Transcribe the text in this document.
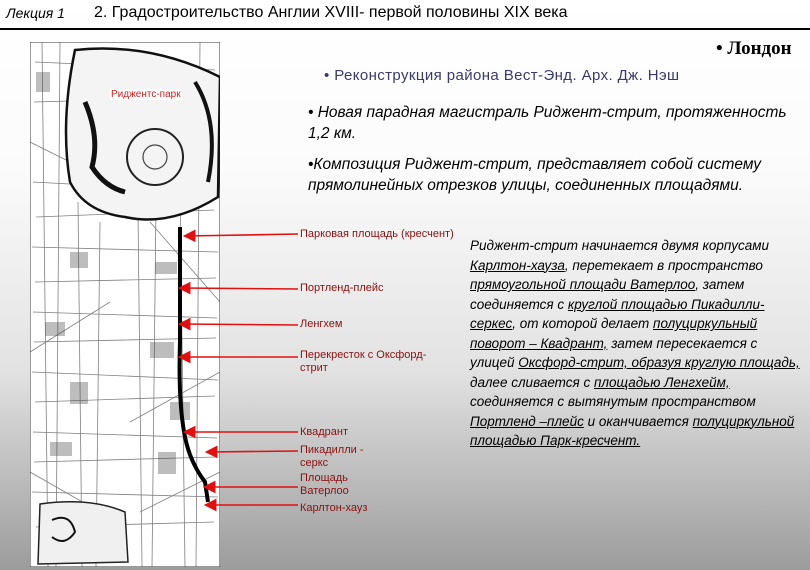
Лекция 1 2. Градостроительство Англии XVIII- первой половины XIX века
• Лондон
• Реконструкция района Вест-Энд. Арх. Дж. Нэш
• Новая парадная магистраль Риджент-стрит, протяженность 1,2 км.
•Композиция Риджент-стрит, представляет собой систему прямолинейных отрезков улицы, соединенных площадями.
Риджентс-парк
Парковая площадь (кресчент)
Портленд-плейс
Ленгхем
Перекресток с Оксфорд-стрит
Квадрант
Пикадилли - серкс
Площадь Ватерлоо
Карлтон-хауз
Риджент-стрит начинается двумя корпусами Карлтон-хауза, перетекает в пространство прямоугольной площади Ватерлоо, затем соединяется с круглой площадью Пикадилли-серкес, от которой делает полуциркульный поворот – Квадрант, затем пересекается с улицей Оксфорд-стрит, образуя круглую площадь, далее сливается с площадью Ленгхейм, соединяется с вытянутым пространством Портленд –плейс и оканчивается полуциркульной площадью Парк-кресчент.
